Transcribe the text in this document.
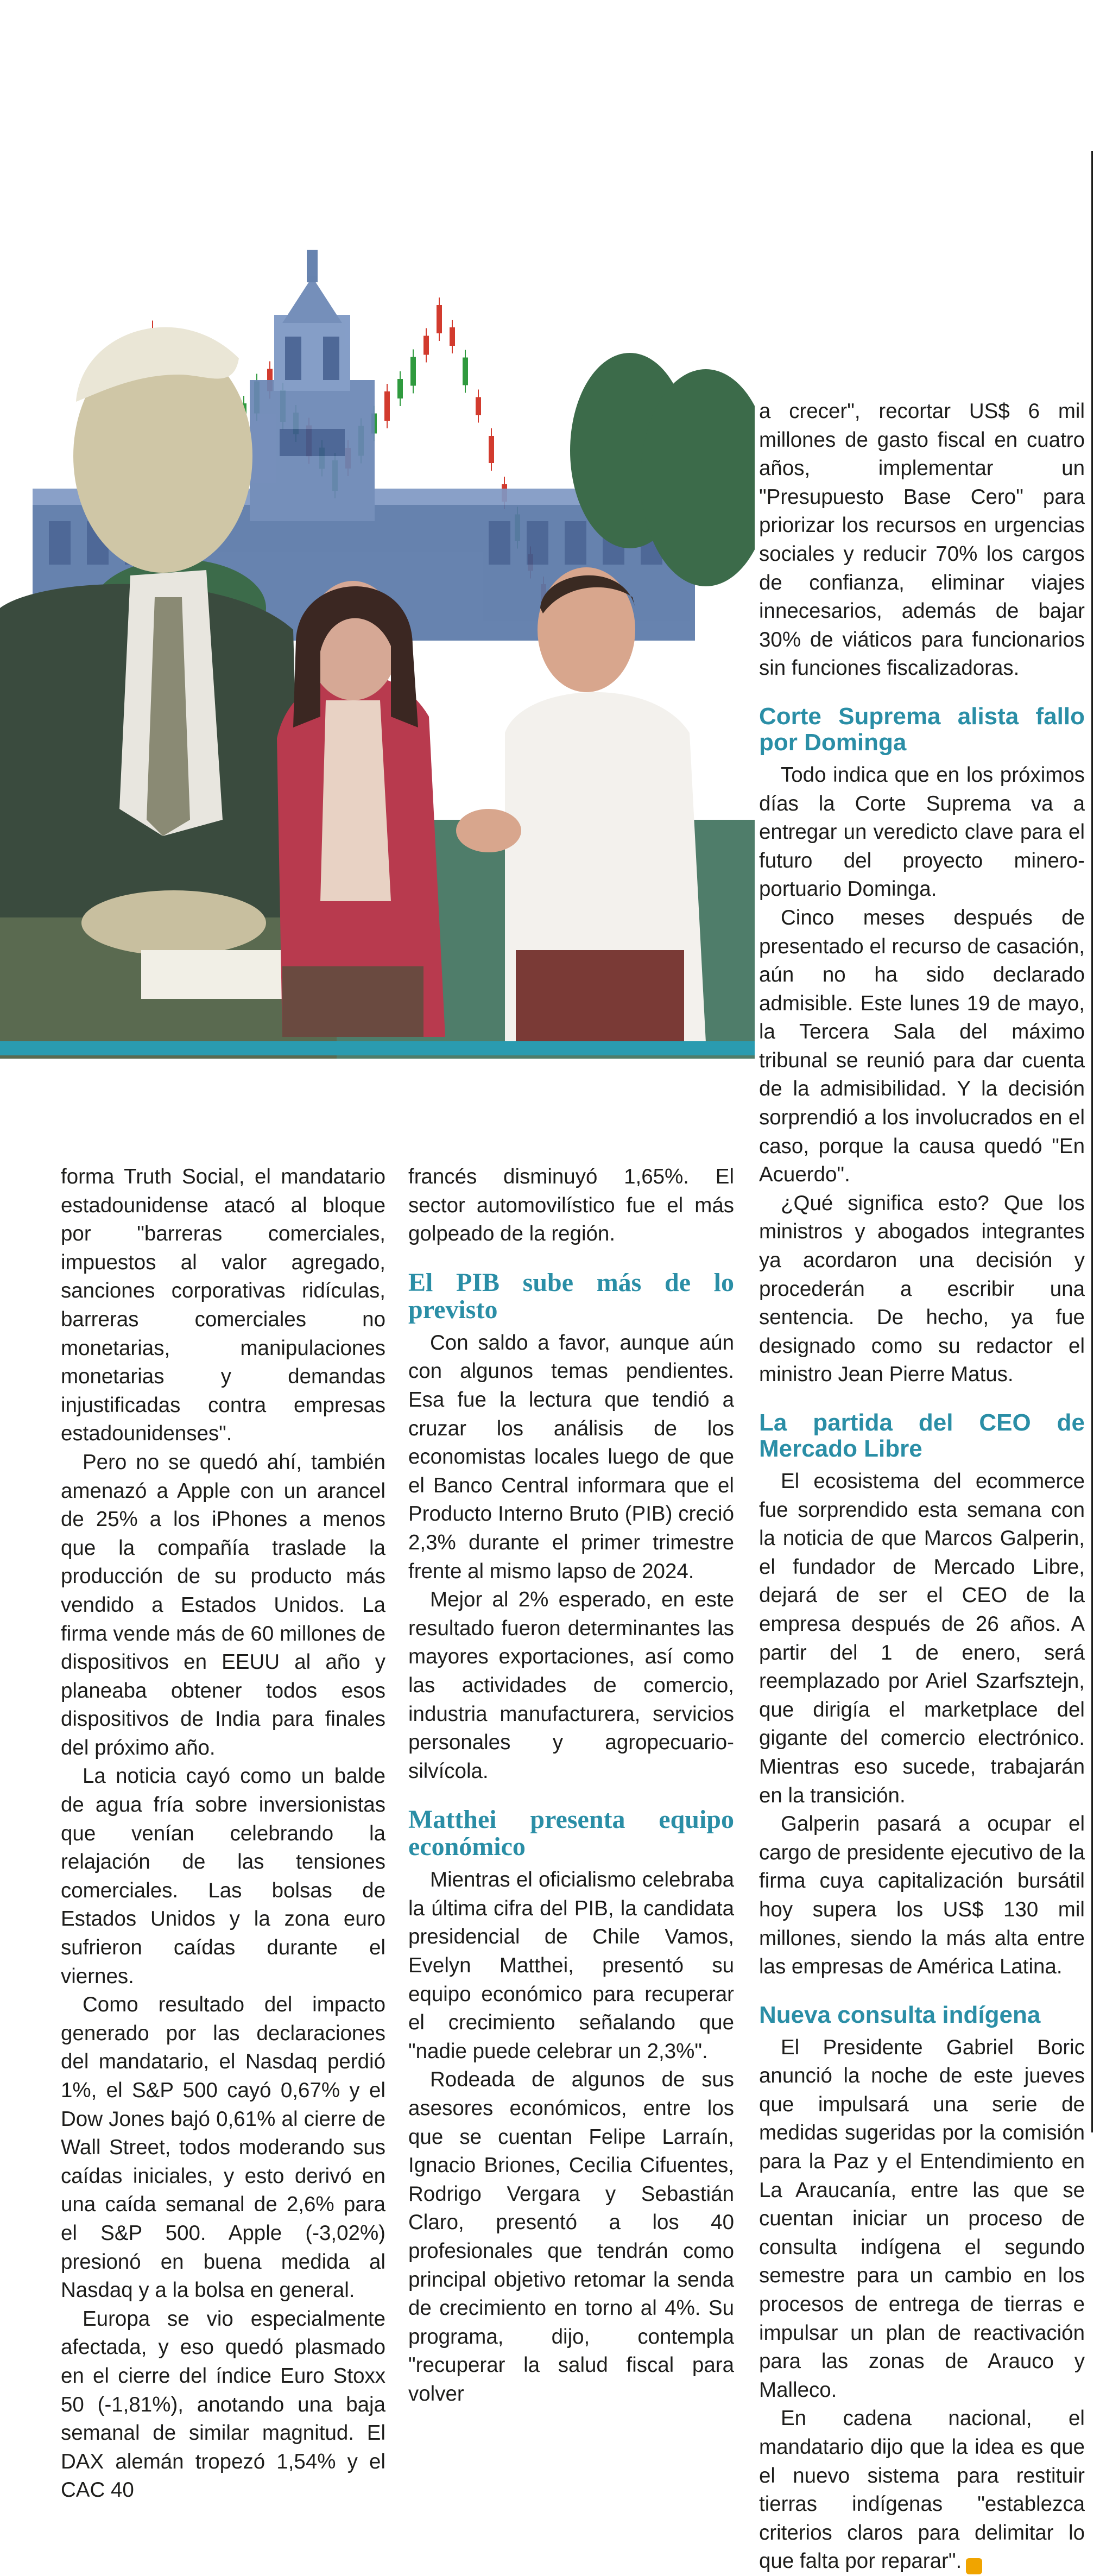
forma Truth Social, el mandatario estadounidense atacó al bloque por "barreras comerciales, impuestos al valor agregado, sanciones corporativas ridículas, barreras comerciales no monetarias, manipulaciones monetarias y demandas injustificadas contra empresas estadounidenses".

Pero no se quedó ahí, también amenazó a Apple con un arancel de 25% a los iPhones a menos que la compañía traslade la producción de su producto más vendido a Estados Unidos. La firma vende más de 60 millones de dispositivos en EEUU al año y planeaba obtener todos esos dispositivos de India para finales del próximo año.

La noticia cayó como un balde de agua fría sobre inversionistas que venían celebrando la relajación de las tensiones comerciales. Las bolsas de Estados Unidos y la zona euro sufrieron caídas durante el viernes.

Como resultado del impacto generado por las declaraciones del mandatario, el Nasdaq perdió 1%, el S&P 500 cayó 0,67% y el Dow Jones bajó 0,61% al cierre de Wall Street, todos moderando sus caídas iniciales, y esto derivó en una caída semanal de 2,6% para el S&P 500. Apple (-3,02%) presionó en buena medida al Nasdaq y a la bolsa en general.

Europa se vio especialmente afectada, y eso quedó plasmado en el cierre del índice Euro Stoxx 50 (-1,81%), anotando una baja semanal de similar magnitud. El DAX alemán tropezó 1,54% y el CAC 40

francés disminuyó 1,65%. El sector automovilístico fue el más golpeado de la región.

El PIB sube más de lo previsto

Con saldo a favor, aunque aún con algunos temas pendientes. Esa fue la lectura que tendió a cruzar los análisis de los economistas locales luego de que el Banco Central informara que el Producto Interno Bruto (PIB) creció 2,3% durante el primer trimestre frente al mismo lapso de 2024.

Mejor al 2% esperado, en este resultado fueron determinantes las mayores exportaciones, así como las actividades de comercio, industria manufacturera, servicios personales y agropecuario-silvícola.

Matthei presenta equipo económico

Mientras el oficialismo celebraba la última cifra del PIB, la candidata presidencial de Chile Vamos, Evelyn Matthei, presentó su equipo económico para recuperar el crecimiento señalando que "nadie puede celebrar un 2,3%".

Rodeada de algunos de sus asesores económicos, entre los que se cuentan Felipe Larraín, Ignacio Briones, Cecilia Cifuentes, Rodrigo Vergara y Sebastián Claro, presentó a los 40 profesionales que tendrán como principal objetivo retomar la senda de crecimiento en torno al 4%. Su programa, dijo, contempla "recuperar la salud fiscal para volver

a crecer", recortar US$ 6 mil millones de gasto fiscal en cuatro años, implementar un "Presupuesto Base Cero" para priorizar los recursos en urgencias sociales y reducir 70% los cargos de confianza, eliminar viajes innecesarios, además de bajar 30% de viáticos para funcionarios sin funciones fiscalizadoras.

Corte Suprema alista fallo por Dominga

Todo indica que en los próximos días la Corte Suprema va a entregar un veredicto clave para el futuro del proyecto minero-portuario Dominga.

Cinco meses después de presentado el recurso de casación, aún no ha sido declarado admisible. Este lunes 19 de mayo, la Tercera Sala del máximo tribunal se reunió para dar cuenta de la admisibilidad. Y la decisión sorprendió a los involucrados en el caso, porque la causa quedó "En Acuerdo".

¿Qué significa esto? Que los ministros y abogados integrantes ya acordaron una decisión y procederán a escribir una sentencia. De hecho, ya fue designado como su redactor el ministro Jean Pierre Matus.

La partida del CEO de Mercado Libre

El ecosistema del ecommerce fue sorprendido esta semana con la noticia de que Marcos Galperin, el fundador de Mercado Libre, dejará de ser el CEO de la empresa después de 26 años. A partir del 1 de enero, será reemplazado por Ariel Szarfsztejn, que dirigía el marketplace del gigante del comercio electrónico. Mientras eso sucede, trabajarán en la transición.

Galperin pasará a ocupar el cargo de presidente ejecutivo de la firma cuya capitalización bursátil hoy supera los US$ 130 mil millones, siendo la más alta entre las empresas de América Latina.

Nueva consulta indígena

El Presidente Gabriel Boric anunció la noche de este jueves que impulsará una serie de medidas sugeridas por la comisión para la Paz y el Entendimiento en La Araucanía, entre las que se cuentan iniciar un proceso de consulta indígena el segundo semestre para un cambio en los procesos de entrega de tierras e impulsar un plan de reactivación para las zonas de Arauco y Malleco.

En cadena nacional, el mandatario dijo que la idea es que el nuevo sistema para restituir tierras indígenas "establezca criterios claros para delimitar lo que falta por reparar". ▪
